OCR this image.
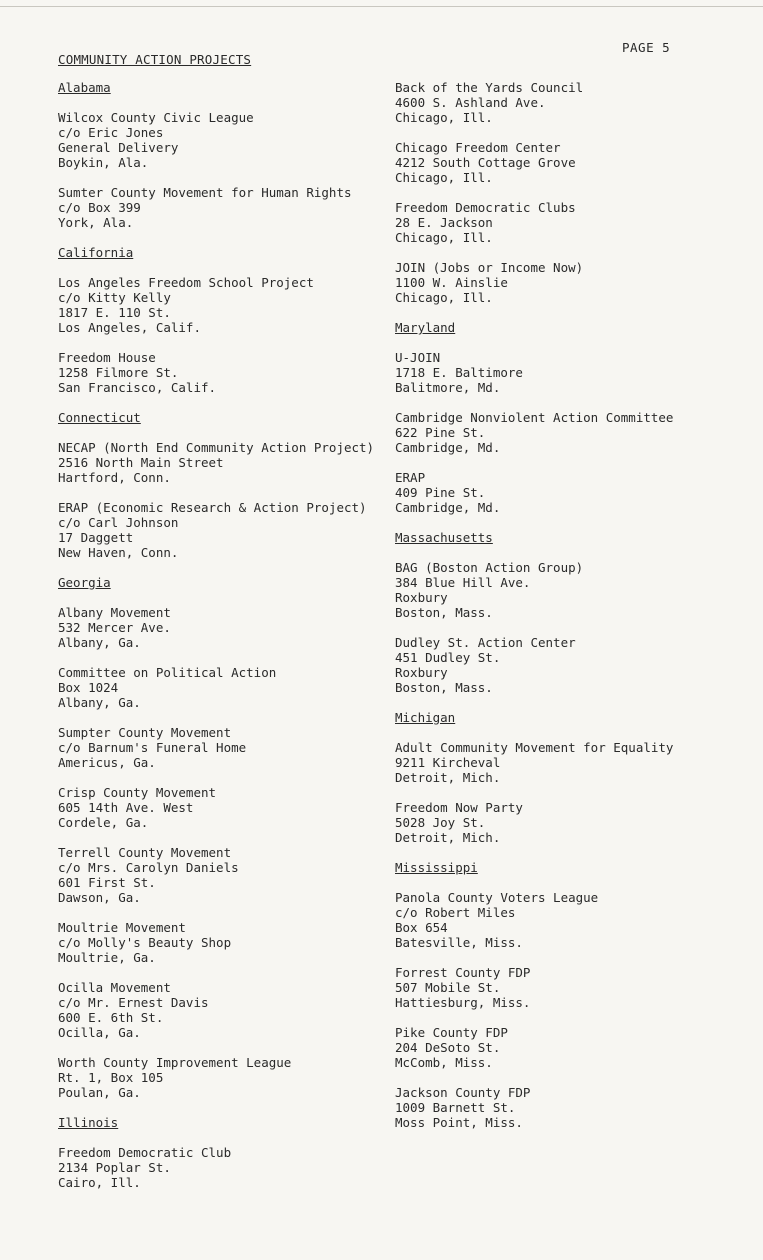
COMMUNITY ACTION PROJECTS
PAGE 5
Alabama
Wilcox County Civic League
c/o Eric Jones
General Delivery
Boykin, Ala.
Sumter County Movement for Human Rights
c/o Box 399
York, Ala.
California
Los Angeles Freedom School Project
c/o Kitty Kelly
1817 E. 110 St.
Los Angeles, Calif.
Freedom House
1258 Filmore St.
San Francisco, Calif.
Connecticut
NECAP (North End Community Action Project)
2516 North Main Street
Hartford, Conn.
ERAP (Economic Research & Action Project)
c/o Carl Johnson
17 Daggett
New Haven, Conn.
Georgia
Albany Movement
532 Mercer Ave.
Albany, Ga.
Committee on Political Action
Box 1024
Albany, Ga.
Sumpter County Movement
c/o Barnum's Funeral Home
Americus, Ga.
Crisp County Movement
605 14th Ave. West
Cordele, Ga.
Terrell County Movement
c/o Mrs. Carolyn Daniels
601 First St.
Dawson, Ga.
Moultrie Movement
c/o Molly's Beauty Shop
Moultrie, Ga.
Ocilla Movement
c/o Mr. Ernest Davis
600 E. 6th St.
Ocilla, Ga.
Worth County Improvement League
Rt. 1, Box 105
Poulan, Ga.
Illinois
Freedom Democratic Club
2134 Poplar St.
Cairo, Ill.
Back of the Yards Council
4600 S. Ashland Ave.
Chicago, Ill.
Chicago Freedom Center
4212 South Cottage Grove
Chicago, Ill.
Freedom Democratic Clubs
28 E. Jackson
Chicago, Ill.
JOIN (Jobs or Income Now)
1100 W. Ainslie
Chicago, Ill.
Maryland
U-JOIN
1718 E. Baltimore
Balitmore, Md.
Cambridge Nonviolent Action Committee
622 Pine St.
Cambridge, Md.
ERAP
409 Pine St.
Cambridge, Md.
Massachusetts
BAG (Boston Action Group)
384 Blue Hill Ave.
Roxbury
Boston, Mass.
Dudley St. Action Center
451 Dudley St.
Roxbury
Boston, Mass.
Michigan
Adult Community Movement for Equality
9211 Kircheval
Detroit, Mich.
Freedom Now Party
5028 Joy St.
Detroit, Mich.
Mississippi
Panola County Voters League
c/o Robert Miles
Box 654
Batesville, Miss.
Forrest County FDP
507 Mobile St.
Hattiesburg, Miss.
Pike County FDP
204 DeSoto St.
McComb, Miss.
Jackson County FDP
1009 Barnett St.
Moss Point, Miss.
